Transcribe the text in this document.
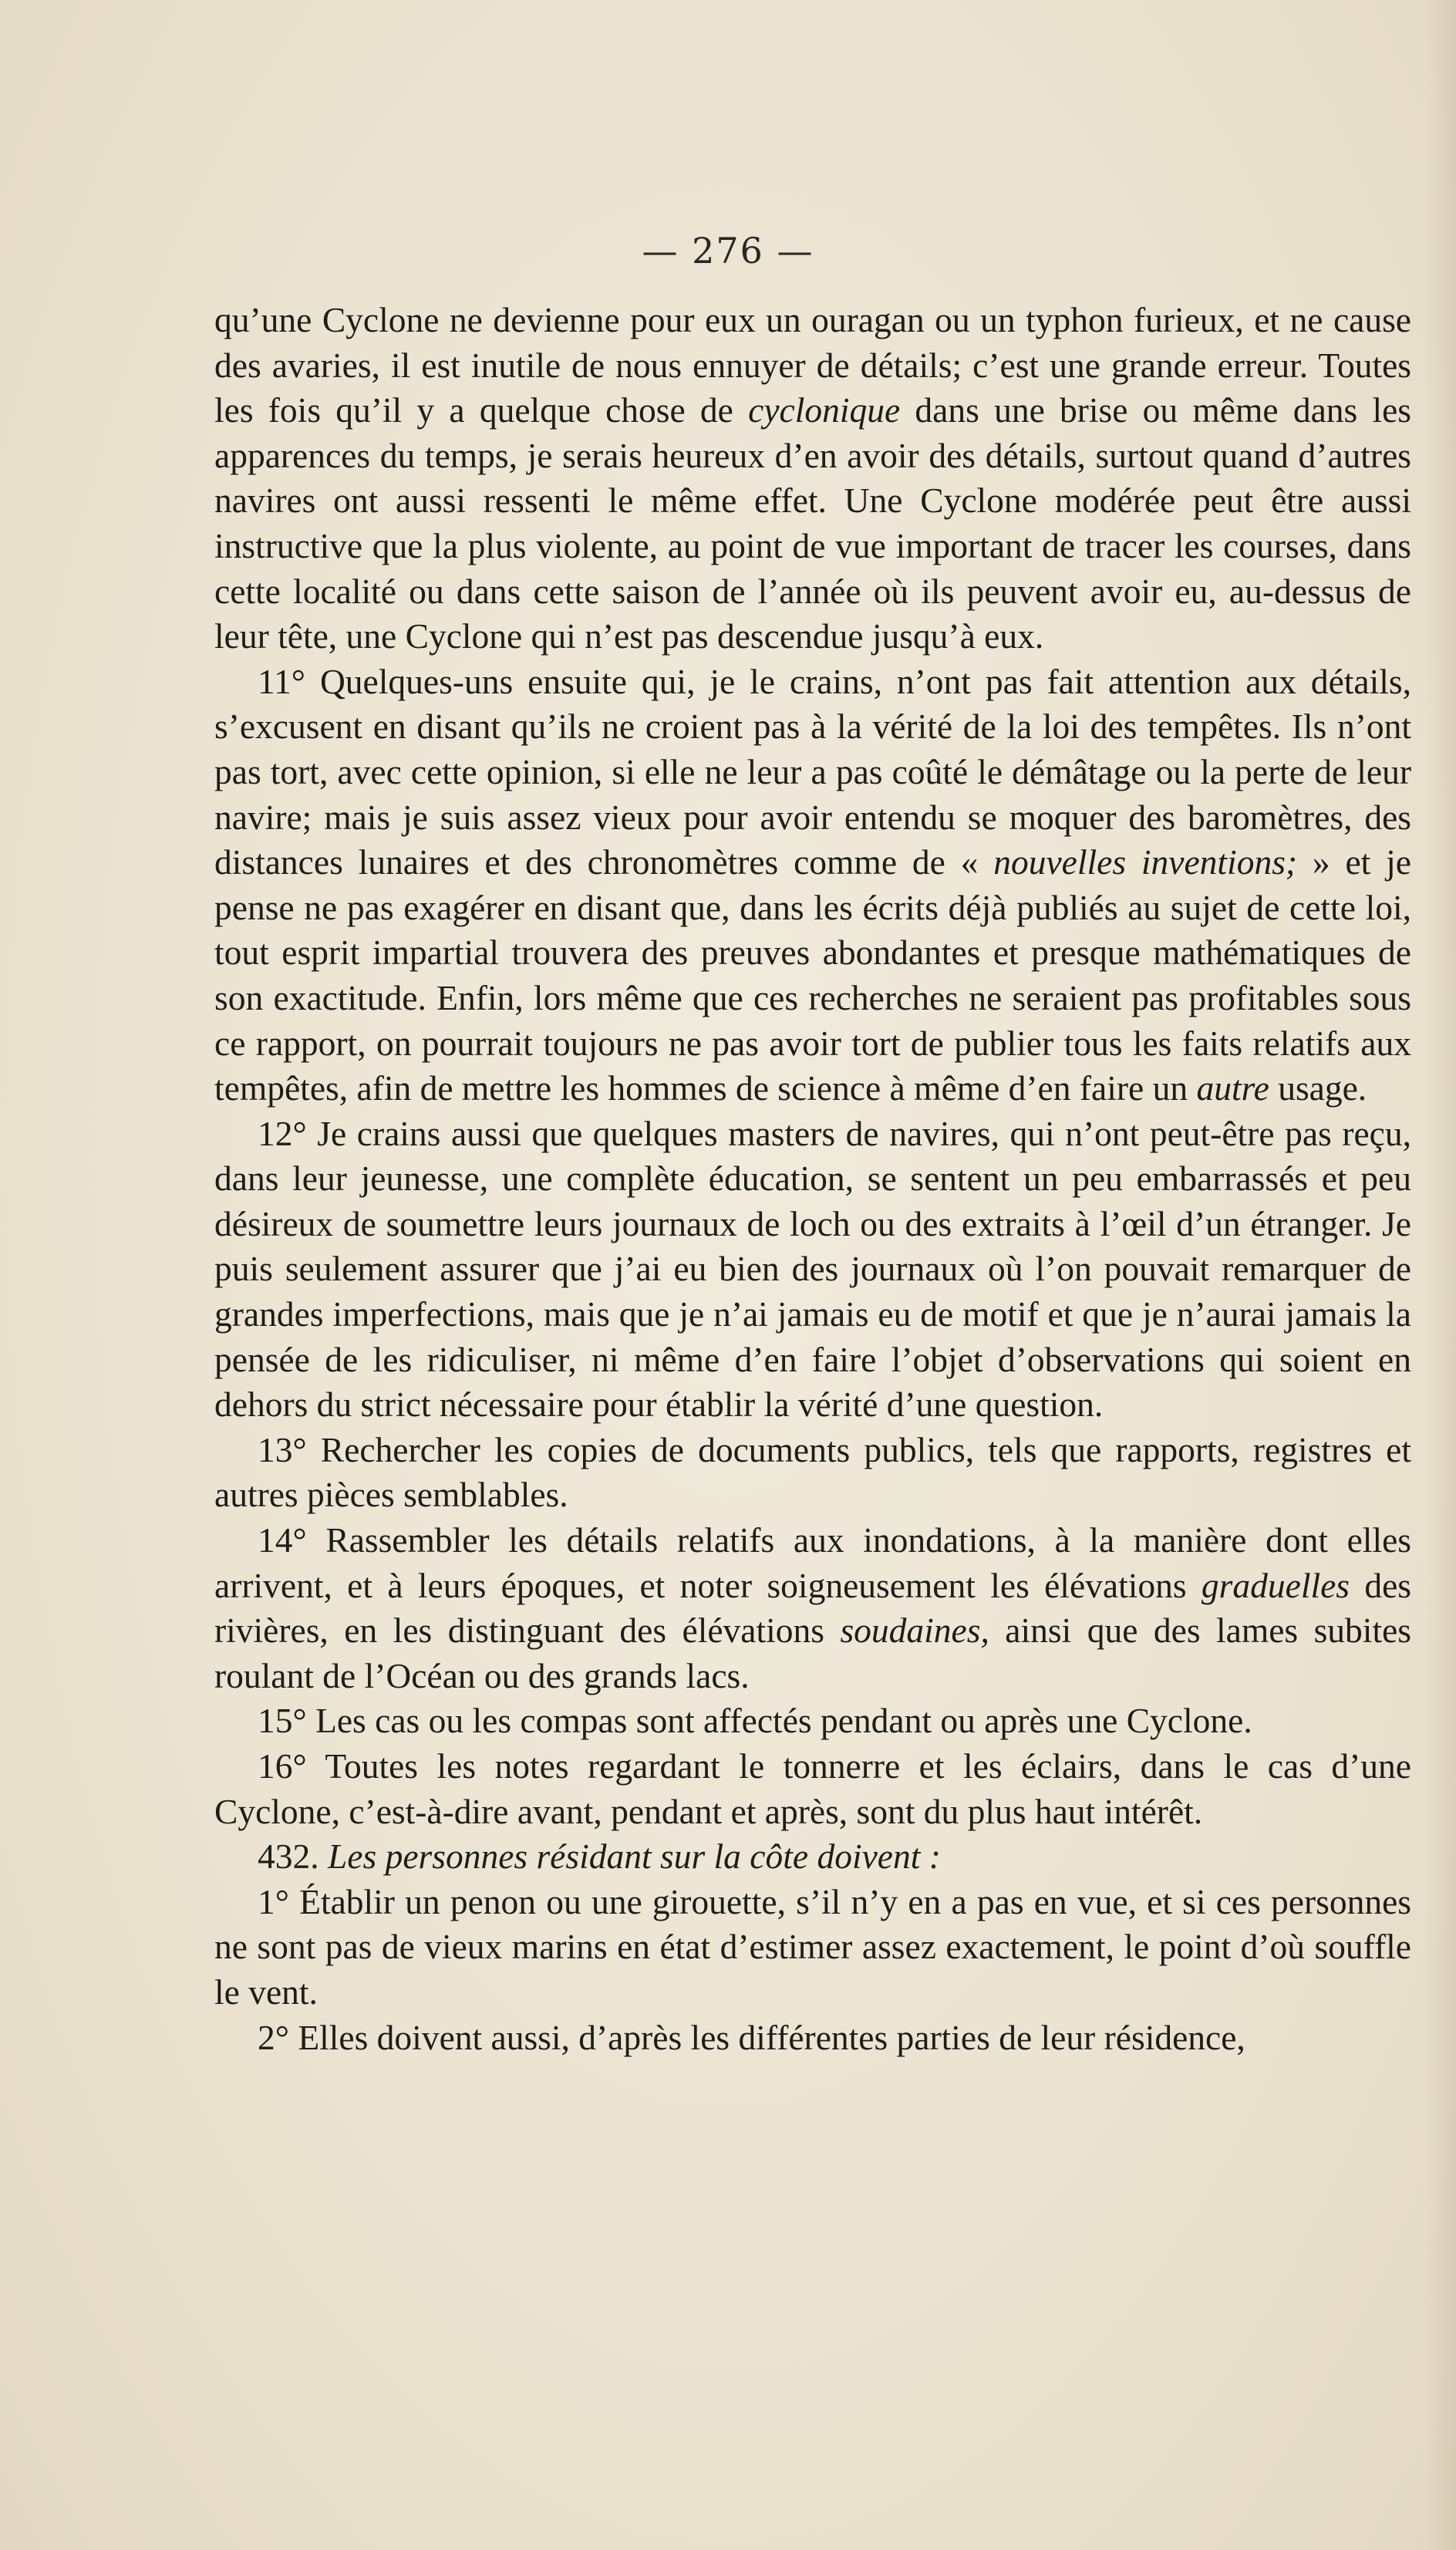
— 276 —

qu’une Cyclone ne devienne pour eux un ouragan ou un typhon furieux, et ne cause des avaries, il est inutile de nous ennuyer de détails; c’est une grande erreur. Toutes les fois qu’il y a quelque chose de cyclonique dans une brise ou même dans les apparences du temps, je serais heureux d’en avoir des détails, surtout quand d’autres navires ont aussi ressenti le même effet. Une Cyclone modérée peut être aussi instructive que la plus violente, au point de vue important de tracer les courses, dans cette localité ou dans cette saison de l’année où ils peuvent avoir eu, au-dessus de leur tête, une Cyclone qui n’est pas descendue jusqu’à eux.

11° Quelques-uns ensuite qui, je le crains, n’ont pas fait attention aux détails, s’excusent en disant qu’ils ne croient pas à la vérité de la loi des tempêtes. Ils n’ont pas tort, avec cette opinion, si elle ne leur a pas coûté le démâtage ou la perte de leur navire; mais je suis assez vieux pour avoir entendu se moquer des baromètres, des distances lunaires et des chronomètres comme de « nouvelles inventions; » et je pense ne pas exagérer en disant que, dans les écrits déjà publiés au sujet de cette loi, tout esprit impartial trouvera des preuves abondantes et presque mathématiques de son exactitude. Enfin, lors même que ces recherches ne seraient pas profitables sous ce rapport, on pourrait toujours ne pas avoir tort de publier tous les faits relatifs aux tempêtes, afin de mettre les hommes de science à même d’en faire un autre usage.

12° Je crains aussi que quelques masters de navires, qui n’ont peut-être pas reçu, dans leur jeunesse, une complète éducation, se sentent un peu embarrassés et peu désireux de soumettre leurs journaux de loch ou des extraits à l’œil d’un étranger. Je puis seulement assurer que j’ai eu bien des journaux où l’on pouvait remarquer de grandes imperfections, mais que je n’ai jamais eu de motif et que je n’aurai jamais la pensée de les ridiculiser, ni même d’en faire l’objet d’observations qui soient en dehors du strict nécessaire pour établir la vérité d’une question.

13° Rechercher les copies de documents publics, tels que rapports, registres et autres pièces semblables.

14° Rassembler les détails relatifs aux inondations, à la manière dont elles arrivent, et à leurs époques, et noter soigneusement les élévations graduelles des rivières, en les distinguant des élévations soudaines, ainsi que des lames subites roulant de l’Océan ou des grands lacs.

15° Les cas ou les compas sont affectés pendant ou après une Cyclone.

16° Toutes les notes regardant le tonnerre et les éclairs, dans le cas d’une Cyclone, c’est-à-dire avant, pendant et après, sont du plus haut intérêt.

432. Les personnes résidant sur la côte doivent :

1° Établir un penon ou une girouette, s’il n’y en a pas en vue, et si ces personnes ne sont pas de vieux marins en état d’estimer assez exactement, le point d’où souffle le vent.

2° Elles doivent aussi, d’après les différentes parties de leur résidence,
